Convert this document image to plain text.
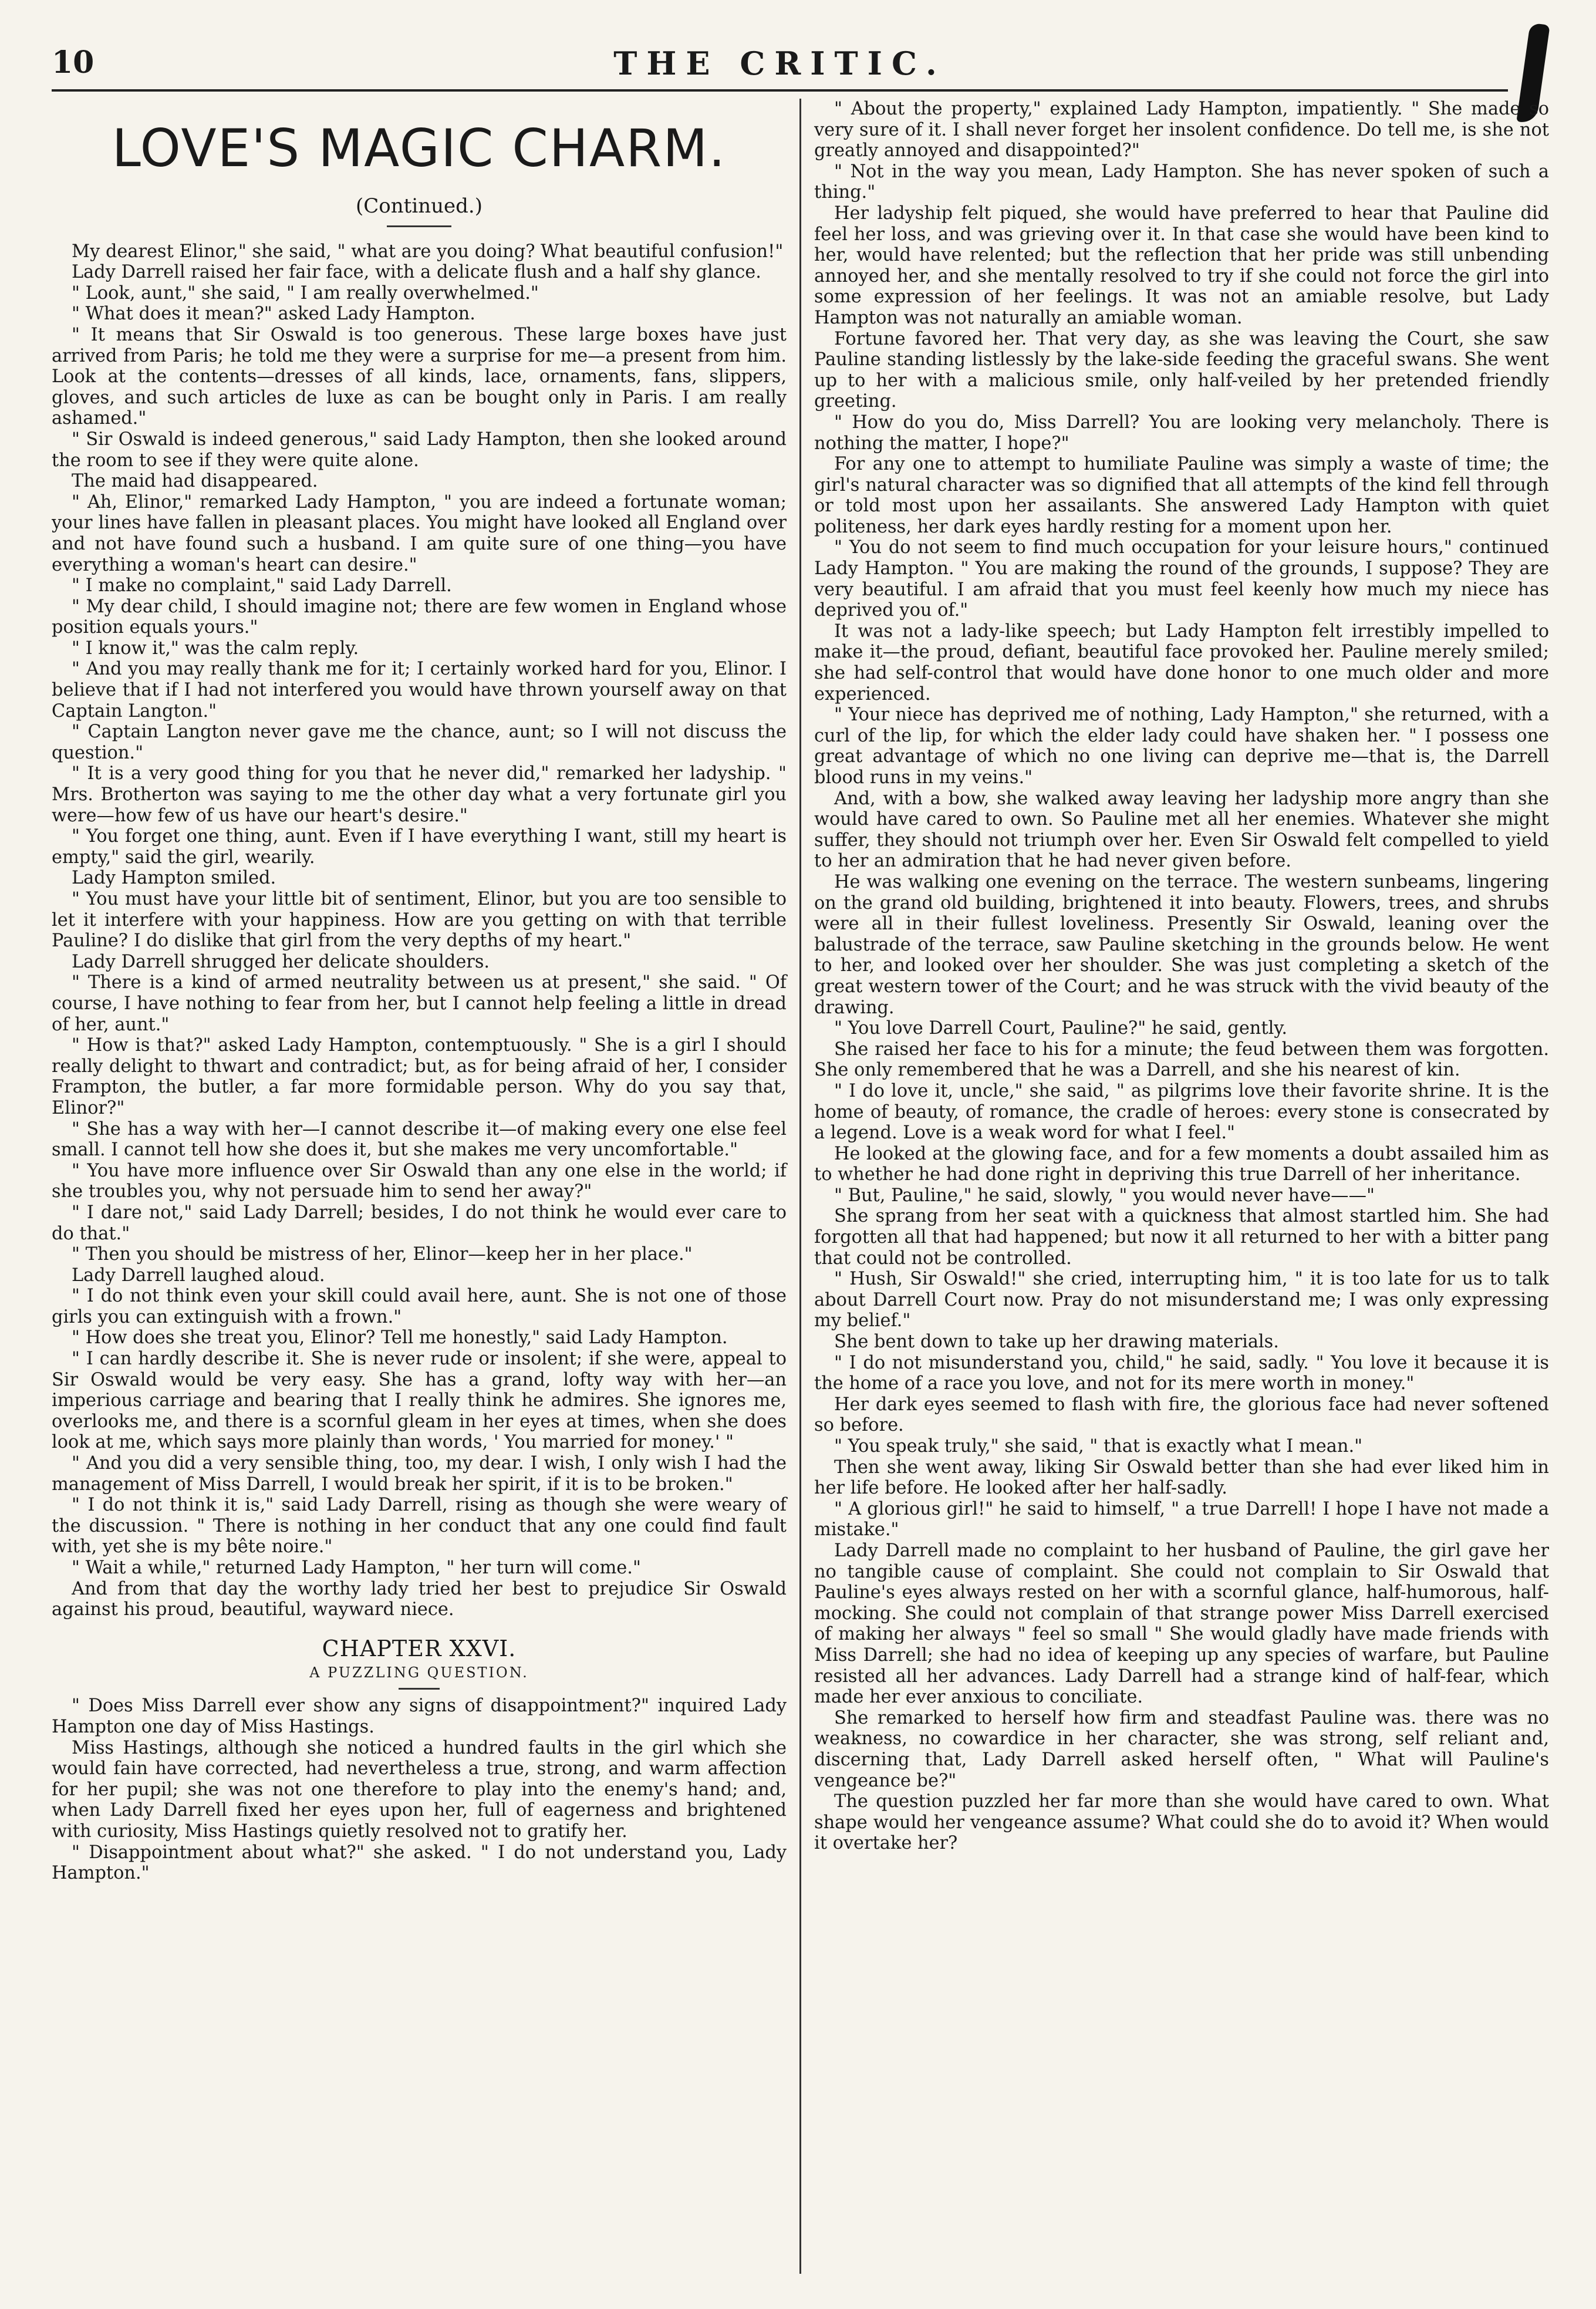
10	THE CRITIC.
LOVE'S MAGIC CHARM.
(Continued.)

My dearest Elinor," she said, " what are you doing? What beautiful confusion!"

Lady Darrell raised her fair face, with a delicate flush and a half shy glance.

" Look, aunt," she said, " I am really overwhelmed."

" What does it mean?" asked Lady Hampton.

" It means that Sir Oswald is too generous. These large boxes have just arrived from Paris; he told me they were a surprise for me—a present from him. Look at the contents—dresses of all kinds, lace, ornaments, fans, slippers, gloves, and such articles de luxe as can be bought only in Paris. I am really ashamed."

" Sir Oswald is indeed generous," said Lady Hampton, then she looked around the room to see if they were quite alone.

The maid had disappeared.

" Ah, Elinor," remarked Lady Hampton, " you are indeed a fortunate woman; your lines have fallen in pleasant places. You might have looked all England over and not have found such a husband. I am quite sure of one thing—you have everything a woman's heart can desire."

" I make no complaint," said Lady Darrell.

" My dear child, I should imagine not; there are few women in England whose position equals yours."

" I know it," was the calm reply.

" And you may really thank me for it; I certainly worked hard for you, Elinor. I believe that if I had not interfered you would have thrown yourself away on that Captain Langton."

" Captain Langton never gave me the chance, aunt; so I will not discuss the question."

" It is a very good thing for you that he never did," remarked her ladyship. " Mrs. Brotherton was saying to me the other day what a very fortunate girl you were—how few of us have our heart's desire."

" You forget one thing, aunt. Even if I have everything I want, still my heart is empty," said the girl, wearily.

Lady Hampton smiled.

" You must have your little bit of sentiment, Elinor, but you are too sensible to let it interfere with your happiness. How are you getting on with that terrible Pauline? I do dislike that girl from the very depths of my heart."

Lady Darrell shrugged her delicate shoulders.

" There is a kind of armed neutrality between us at present," she said. " Of course, I have nothing to fear from her, but I cannot help feeling a little in dread of her, aunt."

" How is that?" asked Lady Hampton, contemptuously. " She is a girl I should really delight to thwart and contradict; but, as for being afraid of her, I consider Frampton, the butler, a far more formidable person. Why do you say that, Elinor?"

" She has a way with her—I cannot describe it—of making every one else feel small. I cannot tell how she does it, but she makes me very uncomfortable."

" You have more influence over Sir Oswald than any one else in the world; if she troubles you, why not persuade him to send her away?"

" I dare not," said Lady Darrell; besides, I do not think he would ever care to do that."

" Then you should be mistress of her, Elinor—keep her in her place."

Lady Darrell laughed aloud.

" I do not think even your skill could avail here, aunt. She is not one of those girls you can extinguish with a frown."

" How does she treat you, Elinor? Tell me honestly," said Lady Hampton.

" I can hardly describe it. She is never rude or insolent; if she were, appeal to Sir Oswald would be very easy. She has a grand, lofty way with her—an imperious carriage and bearing that I really think he admires. She ignores me, overlooks me, and there is a scornful gleam in her eyes at times, when she does look at me, which says more plainly than words, ' You married for money.' "

" And you did a very sensible thing, too, my dear. I wish, I only wish I had the management of Miss Darrell, I would break her spirit, if it is to be broken."

" I do not think it is," said Lady Darrell, rising as though she were weary of the discussion. " There is nothing in her conduct that any one could find fault with, yet she is my bête noire."

" Wait a while," returned Lady Hampton, " her turn will come."

And from that day the worthy lady tried her best to prejudice Sir Oswald against his proud, beautiful, wayward niece.

CHAPTER XXVI.
A PUZZLING QUESTION.

" Does Miss Darrell ever show any signs of disappointment?" inquired Lady Hampton one day of Miss Hastings.

Miss Hastings, although she noticed a hundred faults in the girl which she would fain have corrected, had nevertheless a true, strong, and warm affection for her pupil; she was not one therefore to play into the enemy's hand; and, when Lady Darrell fixed her eyes upon her, full of eagerness and brightened with curiosity, Miss Hastings quietly resolved not to gratify her.

" Disappointment about what?" she asked. " I do not understand you, Lady Hampton."

" About the property," explained Lady Hampton, impatiently. " She made so very sure of it. I shall never forget her insolent confidence. Do tell me, is she not greatly annoyed and disappointed?"

" Not in the way you mean, Lady Hampton. She has never spoken of such a thing."

Her ladyship felt piqued, she would have preferred to hear that Pauline did feel her loss, and was grieving over it. In that case she would have been kind to her, would have relented; but the reflection that her pride was still unbending annoyed her, and she mentally resolved to try if she could not force the girl into some expression of her feelings. It was not an amiable resolve, but Lady Hampton was not naturally an amiable woman.

Fortune favored her. That very day, as she was leaving the Court, she saw Pauline standing listlessly by the lake-side feeding the graceful swans. She went up to her with a malicious smile, only half-veiled by her pretended friendly greeting.

" How do you do, Miss Darrell? You are looking very melancholy. There is nothing the matter, I hope?"

For any one to attempt to humiliate Pauline was simply a waste of time; the girl's natural character was so dignified that all attempts of the kind fell through or told most upon her assailants. She answered Lady Hampton with quiet politeness, her dark eyes hardly resting for a moment upon her.

" You do not seem to find much occupation for your leisure hours," continued Lady Hampton. " You are making the round of the grounds, I suppose? They are very beautiful. I am afraid that you must feel keenly how much my niece has deprived you of."

It was not a lady-like speech; but Lady Hampton felt irrestibly impelled to make it—the proud, defiant, beautiful face provoked her. Pauline merely smiled; she had self-control that would have done honor to one much older and more experienced.

" Your niece has deprived me of nothing, Lady Hampton," she returned, with a curl of the lip, for which the elder lady could have shaken her. " I possess one great advantage of which no one living can deprive me—that is, the Darrell blood runs in my veins."

And, with a bow, she walked away leaving her ladyship more angry than she would have cared to own. So Pauline met all her enemies. Whatever she might suffer, they should not triumph over her. Even Sir Oswald felt compelled to yield to her an admiration that he had never given before.

He was walking one evening on the terrace. The western sunbeams, lingering on the grand old building, brightened it into beauty. Flowers, trees, and shrubs were all in their fullest loveliness. Presently Sir Oswald, leaning over the balustrade of the terrace, saw Pauline sketching in the grounds below. He went to her, and looked over her shoulder. She was just completing a sketch of the great western tower of the Court; and he was struck with the vivid beauty of the drawing.

" You love Darrell Court, Pauline?" he said, gently.

She raised her face to his for a minute; the feud between them was forgotten. She only remembered that he was a Darrell, and she his nearest of kin.

" I do love it, uncle," she said, " as pilgrims love their favorite shrine. It is the home of beauty, of romance, the cradle of heroes: every stone is consecrated by a legend. Love is a weak word for what I feel."

He looked at the glowing face, and for a few moments a doubt assailed him as to whether he had done right in depriving this true Darrell of her inheritance.

" But, Pauline," he said, slowly, " you would never have——"

She sprang from her seat with a quickness that almost startled him. She had forgotten all that had happened; but now it all returned to her with a bitter pang that could not be controlled.

" Hush, Sir Oswald!" she cried, interrupting him, " it is too late for us to talk about Darrell Court now. Pray do not misunderstand me; I was only expressing my belief."

She bent down to take up her drawing materials.

" I do not misunderstand you, child," he said, sadly. " You love it because it is the home of a race you love, and not for its mere worth in money."

Her dark eyes seemed to flash with fire, the glorious face had never softened so before.

" You speak truly," she said, " that is exactly what I mean."

Then she went away, liking Sir Oswald better than she had ever liked him in her life before. He looked after her half-sadly.

" A glorious girl!" he said to himself, " a true Darrell! I hope I have not made a mistake."

Lady Darrell made no complaint to her husband of Pauline, the girl gave her no tangible cause of complaint. She could not complain to Sir Oswald that Pauline's eyes always rested on her with a scornful glance, half-humorous, half-mocking. She could not complain of that strange power Miss Darrell exercised of making her always " feel so small " She would gladly have made friends with Miss Darrell; she had no idea of keeping up any species of warfare, but Pauline resisted all her advances. Lady Darrell had a strange kind of half-fear, which made her ever anxious to conciliate.

She remarked to herself how firm and steadfast Pauline was. there was no weakness, no cowardice in her character, she was strong, self reliant and, discerning that, Lady Darrell asked herself often, " What will Pauline's vengeance be?"

The question puzzled her far more than she would have cared to own. What shape would her vengeance assume? What could she do to avoid it? When would it overtake her?
